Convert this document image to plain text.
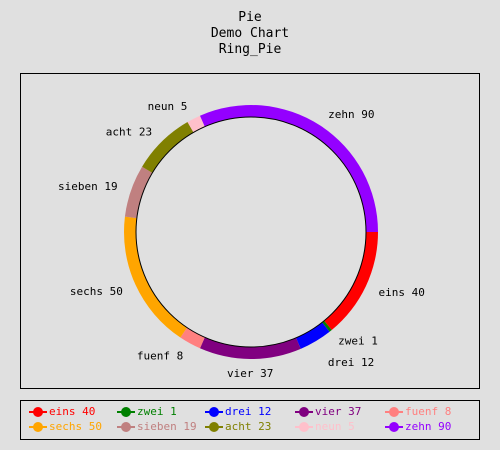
Pie
Demo Chart
Ring_Pie
eins 40
zwei 1
drei 12
vier 37
fuenf 8
sechs 50
sieben 19
acht 23
neun 5
zehn 90
eins 40	zwei 1	drei 12	vier 37	fuenf 8
sechs 50	sieben 19	acht 23	neun 5	zehn 90
